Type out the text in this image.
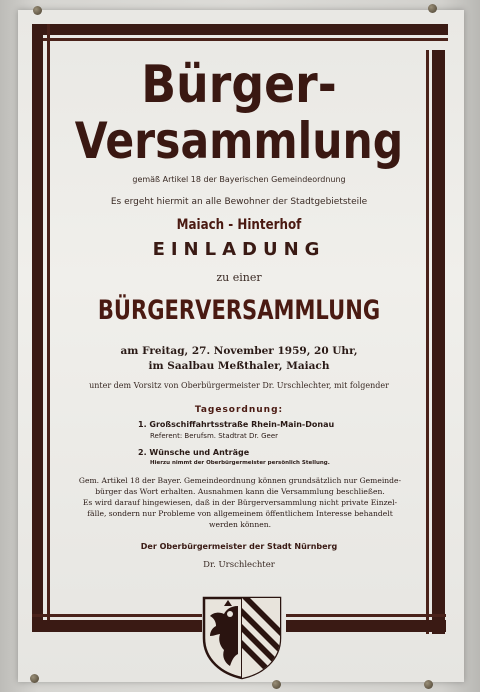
Bürger-
Versammlung
gemäß Artikel 18 der Bayerischen Gemeindeordnung
Es ergeht hiermit an alle Bewohner der Stadtgebietsteile
Maiach - Hinterhof
EINLADUNG
zu einer
BÜRGERVERSAMMLUNG
am Freitag, 27. November 1959, 20 Uhr,
im Saalbau Meßthaler, Maiach
unter dem Vorsitz von Oberbürgermeister Dr. Urschlechter, mit folgender
Tagesordnung:
1. Großschiffahrtsstraße Rhein-Main-Donau
Referent: Berufsm. Stadtrat Dr. Geer
2. Wünsche und Anträge
Hierzu nimmt der Oberbürgermeister persönlich Stellung.
Gem. Artikel 18 der Bayer. Gemeindeordnung können grundsätzlich nur Gemeinde-
bürger das Wort erhalten. Ausnahmen kann die Versammlung beschließen.
Es wird darauf hingewiesen, daß in der Bürgerversammlung nicht private Einzel-
fälle, sondern nur Probleme von allgemeinem öffentlichem Interesse behandelt
werden können.
Der Oberbürgermeister der Stadt Nürnberg
Dr. Urschlechter
